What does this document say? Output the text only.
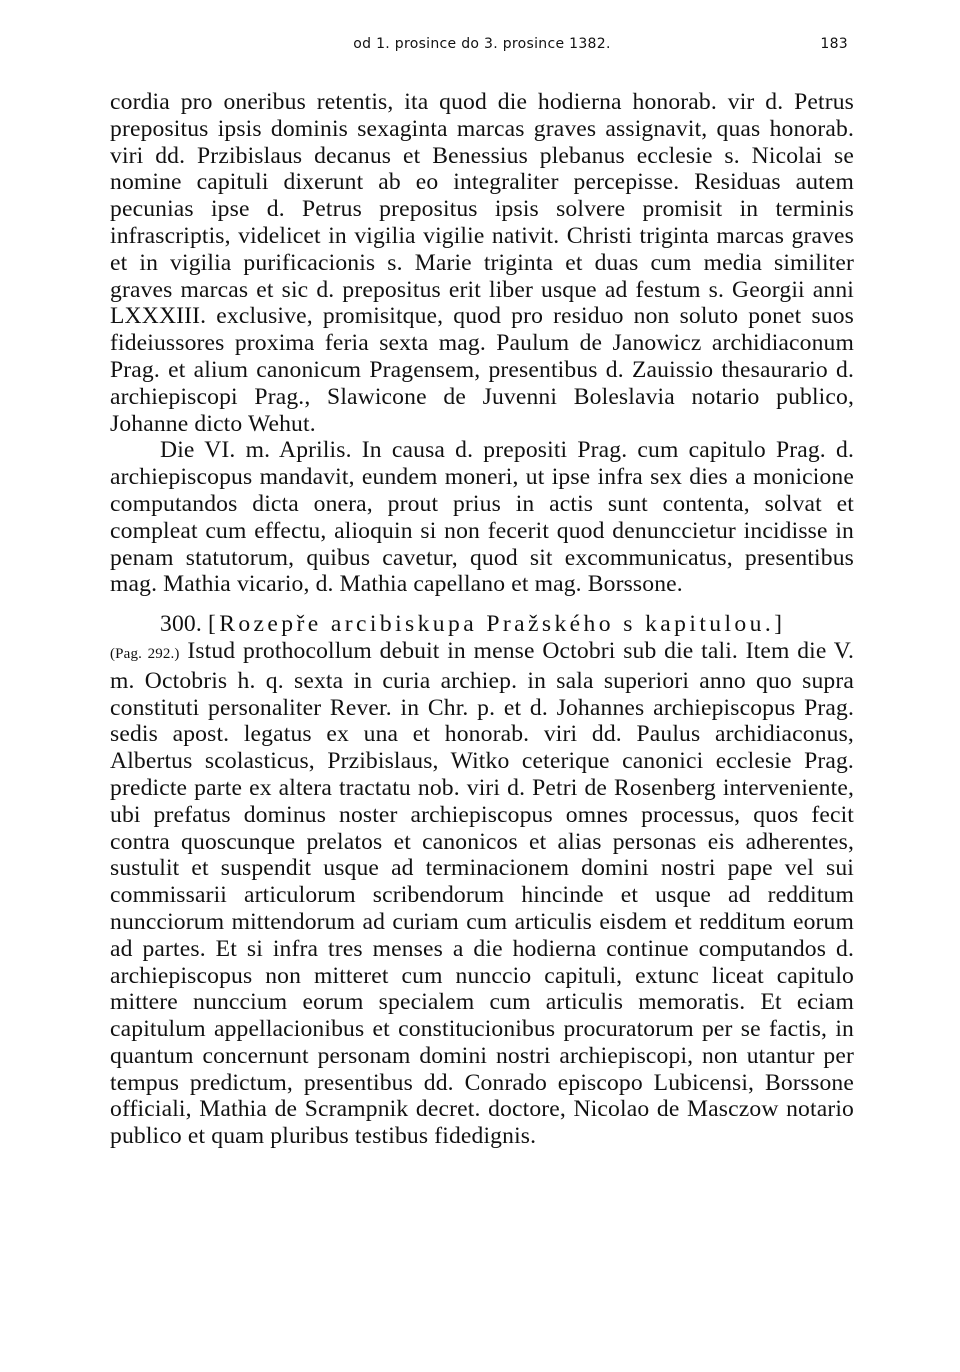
od 1. prosince do 3. prosince 1382.	183

cordia pro oneribus retentis, ita quod die hodierna honorab. vir d. Petrus prepositus ipsis dominis sexaginta marcas graves assignavit, quas honorab. viri dd. Przibislaus decanus et Benessius plebanus ecclesie s. Nicolai se nomine capituli dixerunt ab eo integraliter percepisse. Residuas autem pecunias ipse d. Petrus prepositus ipsis solvere promisit in terminis infrascriptis, videlicet in vigilia vigilie nativit. Christi triginta marcas graves et in vigilia purificacionis s. Marie triginta et duas cum media similiter graves marcas et sic d. prepositus erit liber usque ad festum s. Georgii anni LXXXIII. exclusive, promisitque, quod pro residuo non soluto ponet suos fideiussores proxima feria sexta mag. Paulum de Janowicz archidiaconum Prag. et alium canonicum Pragensem, presentibus d. Zauissio thesaurario d. archiepiscopi Prag., Slawicone de Juvenni Boleslavia notario publico, Johanne dicto Wehut.

Die VI. m. Aprilis. In causa d. prepositi Prag. cum capitulo Prag. d. archiepiscopus mandavit, eundem moneri, ut ipse infra sex dies a monicione computandos dicta onera, prout prius in actis sunt contenta, solvat et compleat cum effectu, alioquin si non fecerit quod denunccietur incidisse in penam statutorum, quibus cavetur, quod sit excommunicatus, presentibus mag. Mathia vicario, d. Mathia capellano et mag. Borssone.

300. [Rozepře arcibiskupa Pražského s kapitulou.]

(Pag. 292.) Istud prothocollum debuit in mense Octobri sub die tali. Item die V. m. Octobris h. q. sexta in curia archiep. in sala superiori anno quo supra constituti personaliter Rever. in Chr. p. et d. Johannes archiepiscopus Prag. sedis apost. legatus ex una et honorab. viri dd. Paulus archidiaconus, Albertus scolasticus, Przibislaus, Witko ceterique canonici ecclesie Prag. predicte parte ex altera tractatu nob. viri d. Petri de Rosenberg interveniente, ubi prefatus dominus noster archiepiscopus omnes processus, quos fecit contra quoscunque prelatos et canonicos et alias personas eis adherentes, sustulit et suspendit usque ad terminacionem domini nostri pape vel sui commissarii articulorum scribendorum hincinde et usque ad redditum nuncciorum mittendorum ad curiam cum articulis eisdem et redditum eorum ad partes. Et si infra tres menses a die hodierna continue computandos d. archiepiscopus non mitteret cum nunccio capituli, extunc liceat capitulo mittere nunccium eorum specialem cum articulis memoratis. Et eciam capitulum appellacionibus et constitucionibus procuratorum per se factis, in quantum concernunt personam domini nostri archiepiscopi, non utantur per tempus predictum, presentibus dd. Conrado episcopo Lubicensi, Borssone officiali, Mathia de Scrampnik decret. doctore, Nicolao de Masczow notario publico et quam pluribus testibus fidedignis.
